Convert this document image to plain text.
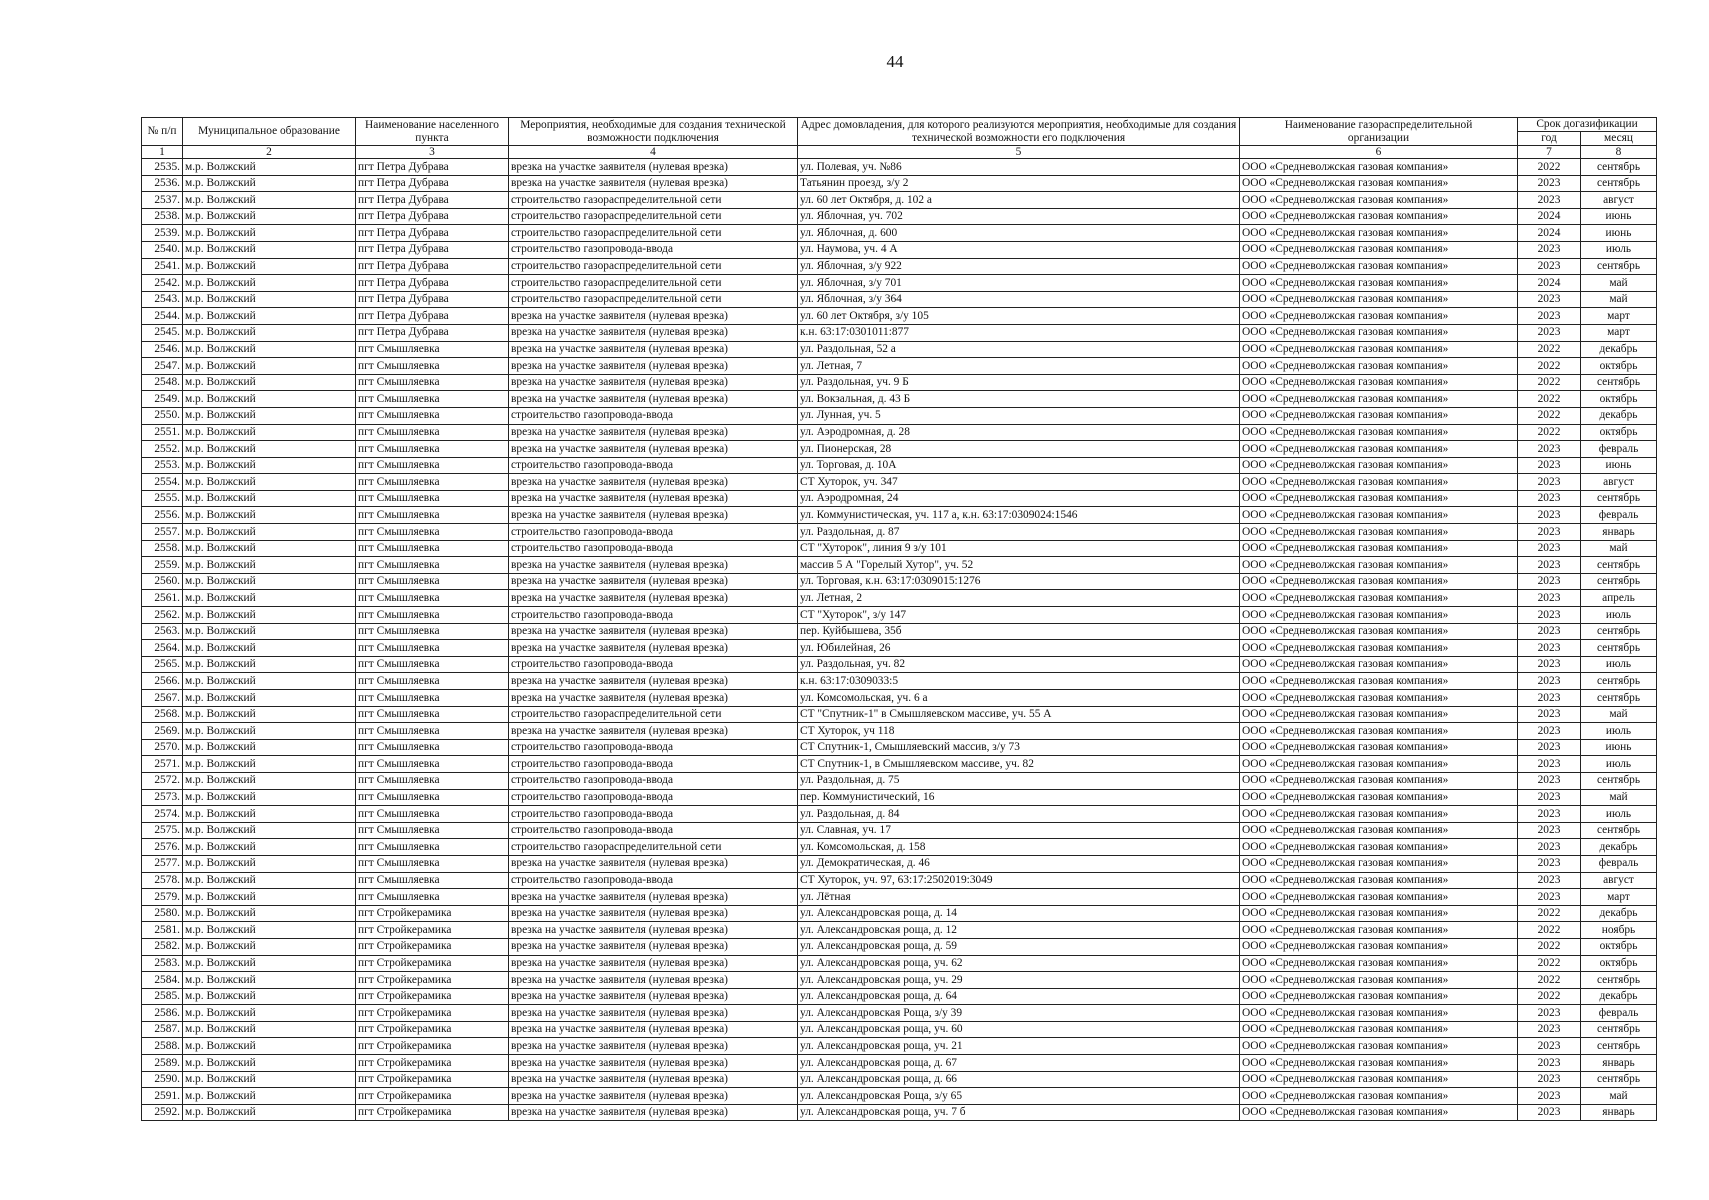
44
№ п/п	Муниципальное образование	Наименование населенного пункта	Мероприятия, необходимые для создания технической возможности подключения	Адрес домовладения, для которого реализуются мероприятия, необходимые для создания технической возможности его подключения	Наименование газораспределительной организации	Срок догазификации	
						год	месяц
1	2	3	4	5	6	7	8
2535.	м.р. Волжский	пгт Петра Дубрава	врезка на участке заявителя (нулевая врезка)	ул. Полевая, уч. №86	ООО «Средневолжская газовая компания»	2022	сентябрь
2536.	м.р. Волжский	пгт Петра Дубрава	врезка на участке заявителя (нулевая врезка)	Татьянин проезд, з/у 2	ООО «Средневолжская газовая компания»	2023	сентябрь
2537.	м.р. Волжский	пгт Петра Дубрава	строительство газораспределительной сети	ул. 60 лет Октября, д. 102 а	ООО «Средневолжская газовая компания»	2023	август
2538.	м.р. Волжский	пгт Петра Дубрава	строительство газораспределительной сети	ул. Яблочная, уч. 702	ООО «Средневолжская газовая компания»	2024	июнь
2539.	м.р. Волжский	пгт Петра Дубрава	строительство газораспределительной сети	ул. Яблочная, д. 600	ООО «Средневолжская газовая компания»	2024	июнь
2540.	м.р. Волжский	пгт Петра Дубрава	строительство газопровода-ввода	ул. Наумова, уч. 4 А	ООО «Средневолжская газовая компания»	2023	июль
2541.	м.р. Волжский	пгт Петра Дубрава	строительство газораспределительной сети	ул. Яблочная, з/у 922	ООО «Средневолжская газовая компания»	2023	сентябрь
2542.	м.р. Волжский	пгт Петра Дубрава	строительство газораспределительной сети	ул. Яблочная, з/у 701	ООО «Средневолжская газовая компания»	2024	май
2543.	м.р. Волжский	пгт Петра Дубрава	строительство газораспределительной сети	ул. Яблочная, з/у 364	ООО «Средневолжская газовая компания»	2023	май
2544.	м.р. Волжский	пгт Петра Дубрава	врезка на участке заявителя (нулевая врезка)	ул. 60 лет Октября, з/у 105	ООО «Средневолжская газовая компания»	2023	март
2545.	м.р. Волжский	пгт Петра Дубрава	врезка на участке заявителя (нулевая врезка)	к.н. 63:17:0301011:877	ООО «Средневолжская газовая компания»	2023	март
2546.	м.р. Волжский	пгт Смышляевка	врезка на участке заявителя (нулевая врезка)	ул. Раздольная, 52 а	ООО «Средневолжская газовая компания»	2022	декабрь
2547.	м.р. Волжский	пгт Смышляевка	врезка на участке заявителя (нулевая врезка)	ул. Летная, 7	ООО «Средневолжская газовая компания»	2022	октябрь
2548.	м.р. Волжский	пгт Смышляевка	врезка на участке заявителя (нулевая врезка)	ул. Раздольная, уч. 9 Б	ООО «Средневолжская газовая компания»	2022	сентябрь
2549.	м.р. Волжский	пгт Смышляевка	врезка на участке заявителя (нулевая врезка)	ул. Вокзальная, д. 43 Б	ООО «Средневолжская газовая компания»	2022	октябрь
2550.	м.р. Волжский	пгт Смышляевка	строительство газопровода-ввода	ул. Лунная, уч. 5	ООО «Средневолжская газовая компания»	2022	декабрь
2551.	м.р. Волжский	пгт Смышляевка	врезка на участке заявителя (нулевая врезка)	ул. Аэродромная, д. 28	ООО «Средневолжская газовая компания»	2022	октябрь
2552.	м.р. Волжский	пгт Смышляевка	врезка на участке заявителя (нулевая врезка)	ул. Пионерская, 28	ООО «Средневолжская газовая компания»	2023	февраль
2553.	м.р. Волжский	пгт Смышляевка	строительство газопровода-ввода	ул. Торговая, д. 10А	ООО «Средневолжская газовая компания»	2023	июнь
2554.	м.р. Волжский	пгт Смышляевка	врезка на участке заявителя (нулевая врезка)	СТ Хуторок, уч. 347	ООО «Средневолжская газовая компания»	2023	август
2555.	м.р. Волжский	пгт Смышляевка	врезка на участке заявителя (нулевая врезка)	ул. Аэродромная, 24	ООО «Средневолжская газовая компания»	2023	сентябрь
2556.	м.р. Волжский	пгт Смышляевка	врезка на участке заявителя (нулевая врезка)	ул. Коммунистическая, уч. 117 а, к.н. 63:17:0309024:1546	ООО «Средневолжская газовая компания»	2023	февраль
2557.	м.р. Волжский	пгт Смышляевка	строительство газопровода-ввода	ул. Раздольная, д. 87	ООО «Средневолжская газовая компания»	2023	январь
2558.	м.р. Волжский	пгт Смышляевка	строительство газопровода-ввода	СТ "Хуторок", линия 9 з/у 101	ООО «Средневолжская газовая компания»	2023	май
2559.	м.р. Волжский	пгт Смышляевка	врезка на участке заявителя (нулевая врезка)	массив 5 А "Горелый Хутор", уч. 52	ООО «Средневолжская газовая компания»	2023	сентябрь
2560.	м.р. Волжский	пгт Смышляевка	врезка на участке заявителя (нулевая врезка)	ул. Торговая, к.н. 63:17:0309015:1276	ООО «Средневолжская газовая компания»	2023	сентябрь
2561.	м.р. Волжский	пгт Смышляевка	врезка на участке заявителя (нулевая врезка)	ул. Летная, 2	ООО «Средневолжская газовая компания»	2023	апрель
2562.	м.р. Волжский	пгт Смышляевка	строительство газопровода-ввода	СТ "Хуторок", з/у 147	ООО «Средневолжская газовая компания»	2023	июль
2563.	м.р. Волжский	пгт Смышляевка	врезка на участке заявителя (нулевая врезка)	пер. Куйбышева, 35б	ООО «Средневолжская газовая компания»	2023	сентябрь
2564.	м.р. Волжский	пгт Смышляевка	врезка на участке заявителя (нулевая врезка)	ул. Юбилейная, 26	ООО «Средневолжская газовая компания»	2023	сентябрь
2565.	м.р. Волжский	пгт Смышляевка	строительство газопровода-ввода	ул. Раздольная, уч. 82	ООО «Средневолжская газовая компания»	2023	июль
2566.	м.р. Волжский	пгт Смышляевка	врезка на участке заявителя (нулевая врезка)	к.н. 63:17:0309033:5	ООО «Средневолжская газовая компания»	2023	сентябрь
2567.	м.р. Волжский	пгт Смышляевка	врезка на участке заявителя (нулевая врезка)	ул. Комсомольская, уч. 6 а	ООО «Средневолжская газовая компания»	2023	сентябрь
2568.	м.р. Волжский	пгт Смышляевка	строительство газораспределительной сети	СТ "Спутник-1" в Смышляевском массиве, уч. 55 А	ООО «Средневолжская газовая компания»	2023	май
2569.	м.р. Волжский	пгт Смышляевка	врезка на участке заявителя (нулевая врезка)	СТ Хуторок, уч 118	ООО «Средневолжская газовая компания»	2023	июль
2570.	м.р. Волжский	пгт Смышляевка	строительство газопровода-ввода	СТ Спутник-1, Смышляевский массив, з/у 73	ООО «Средневолжская газовая компания»	2023	июнь
2571.	м.р. Волжский	пгт Смышляевка	строительство газопровода-ввода	СТ Спутник-1, в Смышляевском массиве, уч. 82	ООО «Средневолжская газовая компания»	2023	июль
2572.	м.р. Волжский	пгт Смышляевка	строительство газопровода-ввода	ул. Раздольная, д. 75	ООО «Средневолжская газовая компания»	2023	сентябрь
2573.	м.р. Волжский	пгт Смышляевка	строительство газопровода-ввода	пер. Коммунистический, 16	ООО «Средневолжская газовая компания»	2023	май
2574.	м.р. Волжский	пгт Смышляевка	строительство газопровода-ввода	ул. Раздольная, д. 84	ООО «Средневолжская газовая компания»	2023	июль
2575.	м.р. Волжский	пгт Смышляевка	строительство газопровода-ввода	ул. Славная, уч. 17	ООО «Средневолжская газовая компания»	2023	сентябрь
2576.	м.р. Волжский	пгт Смышляевка	строительство газораспределительной сети	ул. Комсомольская, д. 158	ООО «Средневолжская газовая компания»	2023	декабрь
2577.	м.р. Волжский	пгт Смышляевка	врезка на участке заявителя (нулевая врезка)	ул. Демократическая, д. 46	ООО «Средневолжская газовая компания»	2023	февраль
2578.	м.р. Волжский	пгт Смышляевка	строительство газопровода-ввода	СТ Хуторок, уч. 97, 63:17:2502019:3049	ООО «Средневолжская газовая компания»	2023	август
2579.	м.р. Волжский	пгт Смышляевка	врезка на участке заявителя (нулевая врезка)	ул. Лётная	ООО «Средневолжская газовая компания»	2023	март
2580.	м.р. Волжский	пгт Стройкерамика	врезка на участке заявителя (нулевая врезка)	ул. Александровская роща, д. 14	ООО «Средневолжская газовая компания»	2022	декабрь
2581.	м.р. Волжский	пгт Стройкерамика	врезка на участке заявителя (нулевая врезка)	ул. Александровская роща, д. 12	ООО «Средневолжская газовая компания»	2022	ноябрь
2582.	м.р. Волжский	пгт Стройкерамика	врезка на участке заявителя (нулевая врезка)	ул. Александровская роща, д. 59	ООО «Средневолжская газовая компания»	2022	октябрь
2583.	м.р. Волжский	пгт Стройкерамика	врезка на участке заявителя (нулевая врезка)	ул. Александровская роща, уч. 62	ООО «Средневолжская газовая компания»	2022	октябрь
2584.	м.р. Волжский	пгт Стройкерамика	врезка на участке заявителя (нулевая врезка)	ул. Александровская роща, уч. 29	ООО «Средневолжская газовая компания»	2022	сентябрь
2585.	м.р. Волжский	пгт Стройкерамика	врезка на участке заявителя (нулевая врезка)	ул. Александровская роща, д. 64	ООО «Средневолжская газовая компания»	2022	декабрь
2586.	м.р. Волжский	пгт Стройкерамика	врезка на участке заявителя (нулевая врезка)	ул. Александровская Роща, з/у 39	ООО «Средневолжская газовая компания»	2023	февраль
2587.	м.р. Волжский	пгт Стройкерамика	врезка на участке заявителя (нулевая врезка)	ул. Александровская роща, уч. 60	ООО «Средневолжская газовая компания»	2023	сентябрь
2588.	м.р. Волжский	пгт Стройкерамика	врезка на участке заявителя (нулевая врезка)	ул. Александровская роща, уч. 21	ООО «Средневолжская газовая компания»	2023	сентябрь
2589.	м.р. Волжский	пгт Стройкерамика	врезка на участке заявителя (нулевая врезка)	ул. Александровская роща, д. 67	ООО «Средневолжская газовая компания»	2023	январь
2590.	м.р. Волжский	пгт Стройкерамика	врезка на участке заявителя (нулевая врезка)	ул. Александровская роща, д. 66	ООО «Средневолжская газовая компания»	2023	сентябрь
2591.	м.р. Волжский	пгт Стройкерамика	врезка на участке заявителя (нулевая врезка)	ул. Александровская Роща, з/у 65	ООО «Средневолжская газовая компания»	2023	май
2592.	м.р. Волжский	пгт Стройкерамика	врезка на участке заявителя (нулевая врезка)	ул. Александровская роща, уч. 7 б	ООО «Средневолжская газовая компания»	2023	январь
